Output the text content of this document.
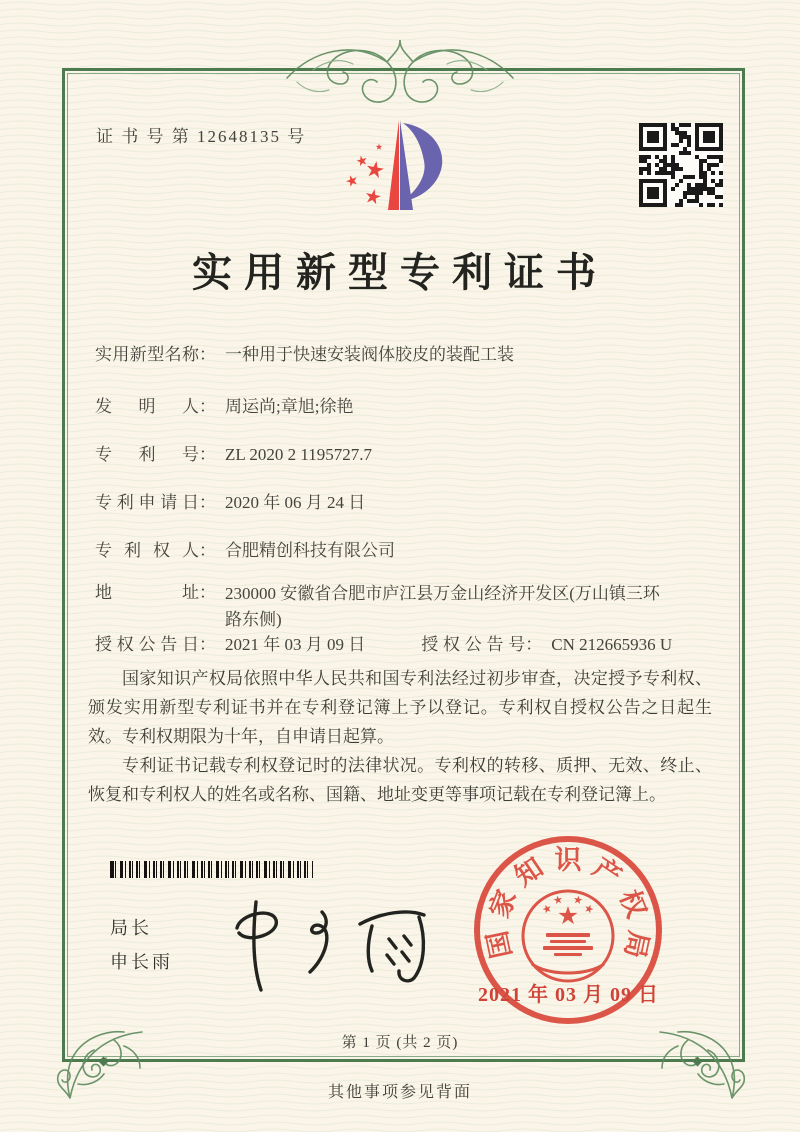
证 书 号 第 12648135 号
实用新型专利证书
实用新型名称： 一种用于快速安装阀体胶皮的装配工装
发明人： 周运尚;章旭;徐艳
专利号： ZL 2020 2 1195727.7
专利申请日： 2020 年 06 月 24 日
专利权人： 合肥精创科技有限公司
地址： 230000 安徽省合肥市庐江县万金山经济开发区(万山镇三环路东侧)
授权公告日： 2021 年 03 月 09 日	授权公告号： CN 212665936 U

国家知识产权局依照中华人民共和国专利法经过初步审查，决定授予专利权、颁发实用新型专利证书并在专利登记簿上予以登记。专利权自授权公告之日起生效。专利权期限为十年，自申请日起算。

专利证书记载专利权登记时的法律状况。专利权的转移、质押、无效、终止、恢复和专利权人的姓名或名称、国籍、地址变更等事项记载在专利登记簿上。

局长
申长雨
国
家
知 识 产
权
局
2021 年 03 月 09 日
第 1 页 (共 2 页)
其他事项参见背面
